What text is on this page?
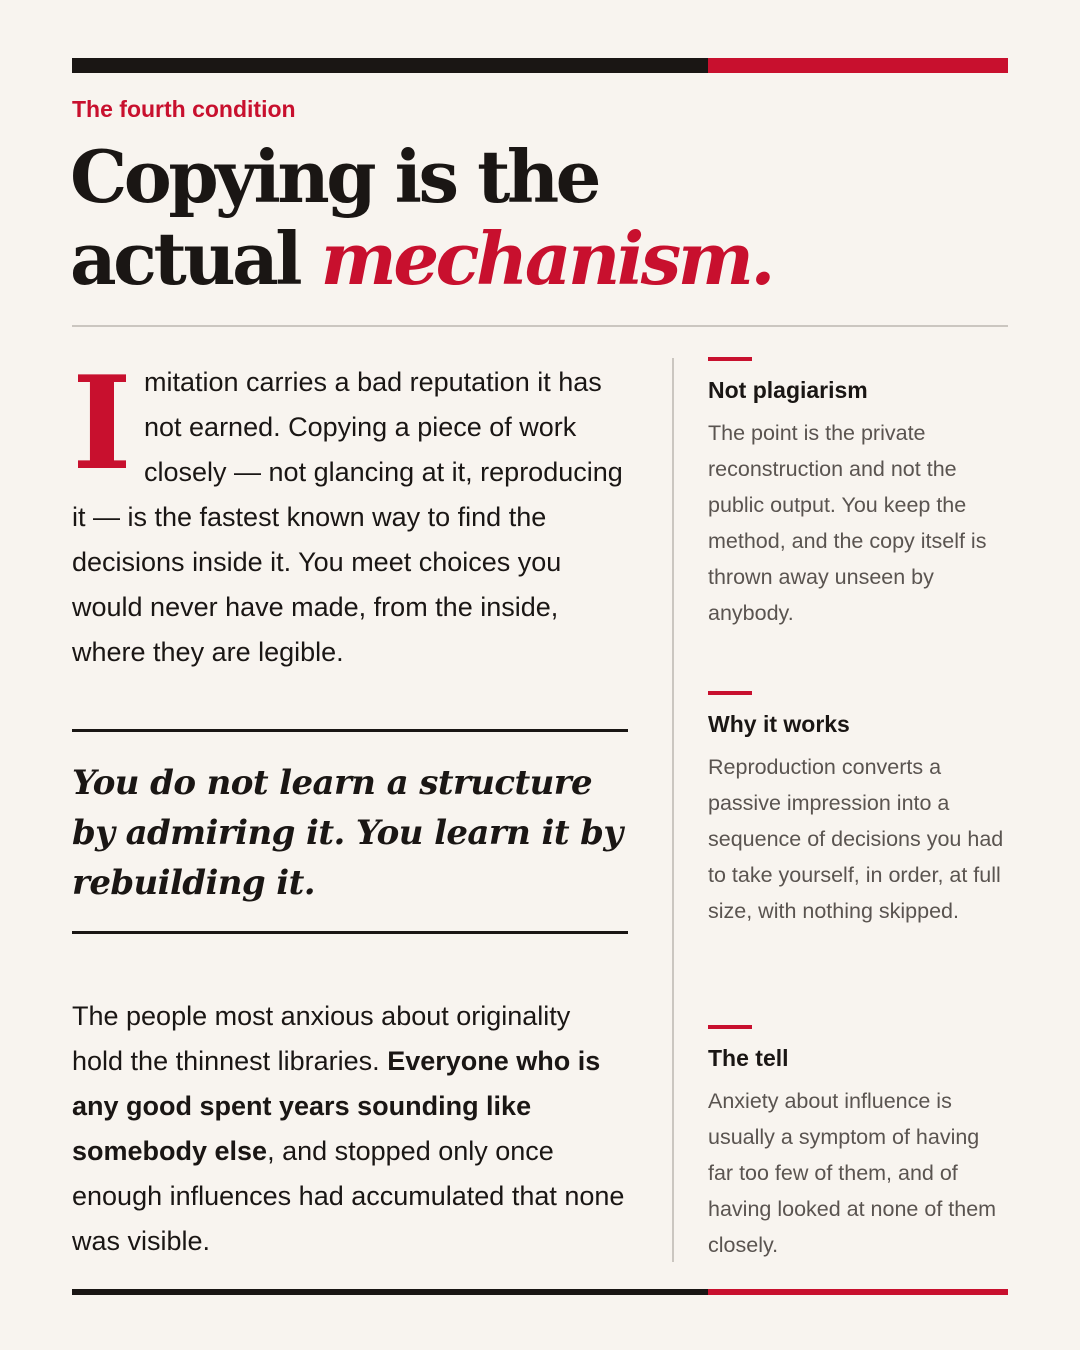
The fourth condition

Copying is the
actual mechanism.

Imitation carries a bad reputation it has not earned. Copying a piece of work closely — not glancing at it, reproducing it — is the fastest known way to find the decisions inside it. You meet choices you would never have made, from the inside, where they are legible.

You do not learn a structure by admiring it. You learn it by rebuilding it.

The people most anxious about originality hold the thinnest libraries. Everyone who is any good spent years sounding like somebody else, and stopped only once enough influences had accumulated that none was visible.

Not plagiarism

The point is the private reconstruction and not the public output. You keep the method, and the copy itself is thrown away unseen by anybody.

Why it works

Reproduction converts a passive impression into a sequence of decisions you had to take yourself, in order, at full size, with nothing skipped.

The tell

Anxiety about influence is usually a symptom of having far too few of them, and of having looked at none of them closely.
